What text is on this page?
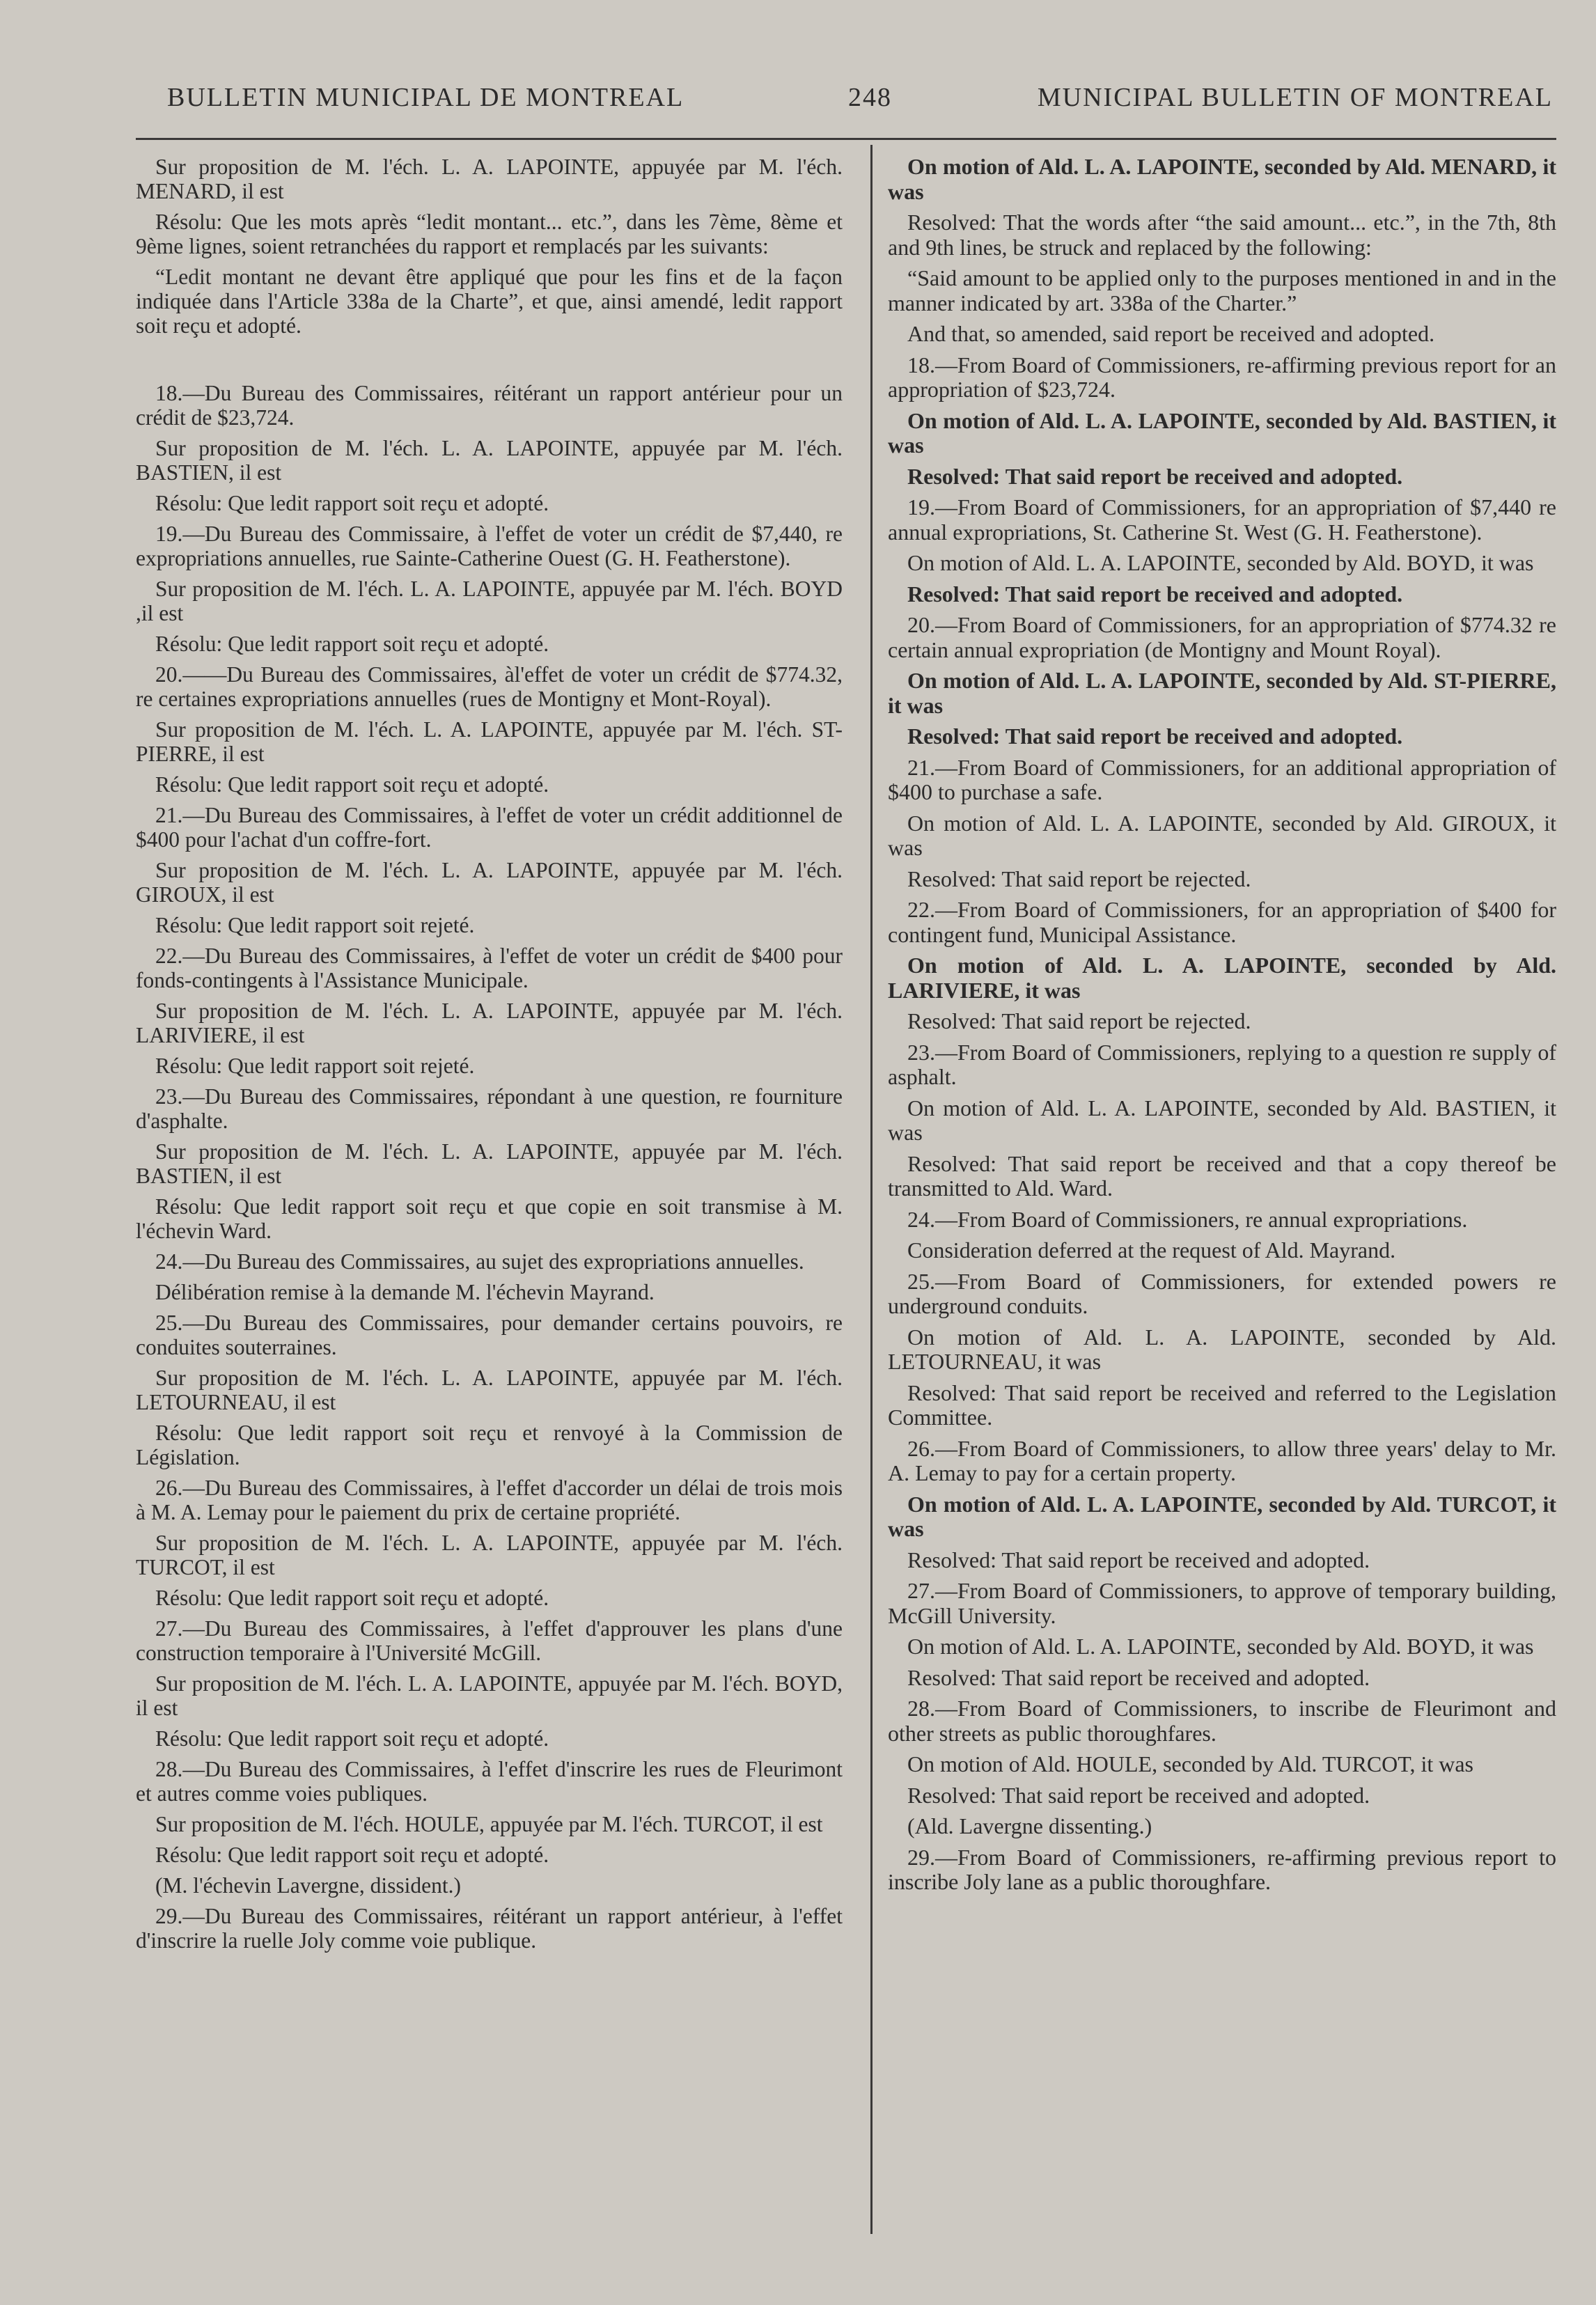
BULLETIN MUNICIPAL DE MONTREAL	248	MUNICIPAL BULLETIN OF MONTREAL

Sur proposition de M. l'éch. L. A. LAPOINTE, appuyée par M. l'éch. MENARD, il est

Résolu: Que les mots après “ledit montant... etc.”, dans les 7ème, 8ème et 9ème lignes, soient retranchées du rapport et remplacés par les suivants:

“Ledit montant ne devant être appliqué que pour les fins et de la façon indiquée dans l'Article 338a de la Charte”, et que, ainsi amendé, ledit rapport soit reçu et adopté.

18.—Du Bureau des Commissaires, réitérant un rapport antérieur pour un crédit de $23,724.

Sur proposition de M. l'éch. L. A. LAPOINTE, appuyée par M. l'éch. BASTIEN, il est

Résolu: Que ledit rapport soit reçu et adopté.

19.—Du Bureau des Commissaire, à l'effet de voter un crédit de $7,440, re expropriations annuelles, rue Sainte-Catherine Ouest (G. H. Featherstone).

Sur proposition de M. l'éch. L. A. LAPOINTE, appuyée par M. l'éch. BOYD ,il est

Résolu: Que ledit rapport soit reçu et adopté.

20.——Du Bureau des Commissaires, àl'effet de voter un crédit de $774.32, re certaines expropriations annuelles (rues de Montigny et Mont-Royal).

Sur proposition de M. l'éch. L. A. LAPOINTE, appuyée par M. l'éch. ST-PIERRE, il est

Résolu: Que ledit rapport soit reçu et adopté.

21.—Du Bureau des Commissaires, à l'effet de voter un crédit additionnel de $400 pour l'achat d'un coffre-fort.

Sur proposition de M. l'éch. L. A. LAPOINTE, appuyée par M. l'éch. GIROUX, il est

Résolu: Que ledit rapport soit rejeté.

22.—Du Bureau des Commissaires, à l'effet de voter un crédit de $400 pour fonds-contingents à l'Assistance Municipale.

Sur proposition de M. l'éch. L. A. LAPOINTE, appuyée par M. l'éch. LARIVIERE, il est

Résolu: Que ledit rapport soit rejeté.

23.—Du Bureau des Commissaires, répondant à une question, re fourniture d'asphalte.

Sur proposition de M. l'éch. L. A. LAPOINTE, appuyée par M. l'éch. BASTIEN, il est

Résolu: Que ledit rapport soit reçu et que copie en soit transmise à M. l'échevin Ward.

24.—Du Bureau des Commissaires, au sujet des expropriations annuelles.

Délibération remise à la demande M. l'échevin Mayrand.

25.—Du Bureau des Commissaires, pour demander certains pouvoirs, re conduites souterraines.

Sur proposition de M. l'éch. L. A. LAPOINTE, appuyée par M. l'éch. LETOURNEAU, il est

Résolu: Que ledit rapport soit reçu et renvoyé à la Commission de Législation.

26.—Du Bureau des Commissaires, à l'effet d'accorder un délai de trois mois à M. A. Lemay pour le paiement du prix de certaine propriété.

Sur proposition de M. l'éch. L. A. LAPOINTE, appuyée par M. l'éch. TURCOT, il est

Résolu: Que ledit rapport soit reçu et adopté.

27.—Du Bureau des Commissaires, à l'effet d'approuver les plans d'une construction temporaire à l'Université McGill.

Sur proposition de M. l'éch. L. A. LAPOINTE, appuyée par M. l'éch. BOYD, il est

Résolu: Que ledit rapport soit reçu et adopté.

28.—Du Bureau des Commissaires, à l'effet d'inscrire les rues de Fleurimont et autres comme voies publiques.

Sur proposition de M. l'éch. HOULE, appuyée par M. l'éch. TURCOT, il est

Résolu: Que ledit rapport soit reçu et adopté.

(M. l'échevin Lavergne, dissident.)

29.—Du Bureau des Commissaires, réitérant un rapport antérieur, à l'effet d'inscrire la ruelle Joly comme voie publique.

On motion of Ald. L. A. LAPOINTE, seconded by Ald. MENARD, it was

Resolved: That the words after “the said amount... etc.”, in the 7th, 8th and 9th lines, be struck and replaced by the following:

“Said amount to be applied only to the purposes mentioned in and in the manner indicated by art. 338a of the Charter.”

And that, so amended, said report be received and adopted.

18.—From Board of Commissioners, re-affirming previous report for an appropriation of $23,724.

On motion of Ald. L. A. LAPOINTE, seconded by Ald. BASTIEN, it was

Resolved: That said report be received and adopted.

19.—From Board of Commissioners, for an appropriation of $7,440 re annual expropriations, St. Catherine St. West (G. H. Featherstone).

On motion of Ald. L. A. LAPOINTE, seconded by Ald. BOYD, it was

Resolved: That said report be received and adopted.

20.—From Board of Commissioners, for an appropriation of $774.32 re certain annual expropriation (de Montigny and Mount Royal).

On motion of Ald. L. A. LAPOINTE, seconded by Ald. ST-PIERRE, it was

Resolved: That said report be received and adopted.

21.—From Board of Commissioners, for an additional appropriation of $400 to purchase a safe.

On motion of Ald. L. A. LAPOINTE, seconded by Ald. GIROUX, it was

Resolved: That said report be rejected.

22.—From Board of Commissioners, for an appropriation of $400 for contingent fund, Municipal Assistance.

On motion of Ald. L. A. LAPOINTE, seconded by Ald. LARIVIERE, it was

Resolved: That said report be rejected.

23.—From Board of Commissioners, replying to a question re supply of asphalt.

On motion of Ald. L. A. LAPOINTE, seconded by Ald. BASTIEN, it was

Resolved: That said report be received and that a copy thereof be transmitted to Ald. Ward.

24.—From Board of Commissioners, re annual expropriations.

Consideration deferred at the request of Ald. Mayrand.

25.—From Board of Commissioners, for extended powers re underground conduits.

On motion of Ald. L. A. LAPOINTE, seconded by Ald. LETOURNEAU, it was

Resolved: That said report be received and referred to the Legislation Committee.

26.—From Board of Commissioners, to allow three years' delay to Mr. A. Lemay to pay for a certain property.

On motion of Ald. L. A. LAPOINTE, seconded by Ald. TURCOT, it was

Resolved: That said report be received and adopted.

27.—From Board of Commissioners, to approve of temporary building, McGill University.

On motion of Ald. L. A. LAPOINTE, seconded by Ald. BOYD, it was

Resolved: That said report be received and adopted.

28.—From Board of Commissioners, to inscribe de Fleurimont and other streets as public thoroughfares.

On motion of Ald. HOULE, seconded by Ald. TURCOT, it was

Resolved: That said report be received and adopted.

(Ald. Lavergne dissenting.)

29.—From Board of Commissioners, re-affirming previous report to inscribe Joly lane as a public thoroughfare.
